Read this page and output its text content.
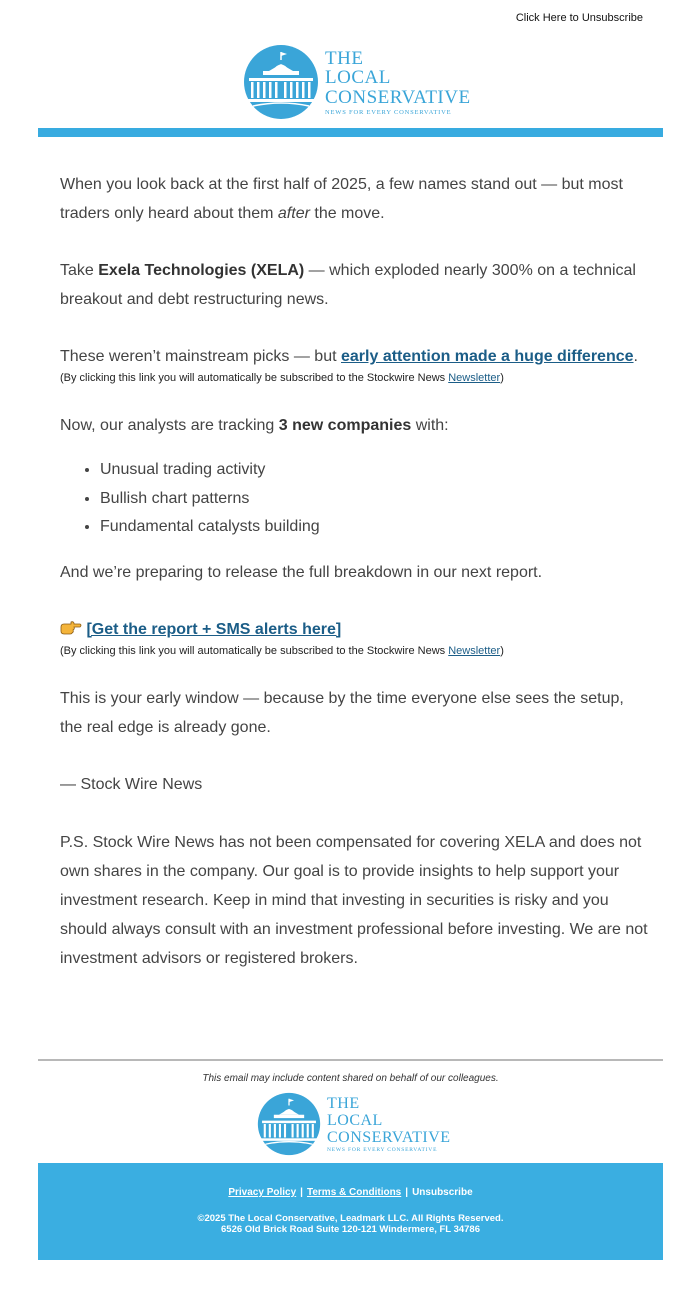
Click Here to Unsubscribe
THE
LOCAL
CONSERVATIVE
NEWS FOR EVERY CONSERVATIVE

When you look back at the first half of 2025, a few names stand out — but most traders only heard about them after the move.

Take Exela Technologies (XELA) — which exploded nearly 300% on a technical breakout and debt restructuring news.

These weren’t mainstream picks — but early attention made a huge difference.

(By clicking this link you will automatically be subscribed to the Stockwire News Newsletter)

Now, our analysts are tracking 3 new companies with:

• Unusual trading activity
• Bullish chart patterns
• Fundamental catalysts building

And we’re preparing to release the full breakdown in our next report.

[Get the report + SMS alerts here]

(By clicking this link you will automatically be subscribed to the Stockwire News Newsletter)

This is your early window — because by the time everyone else sees the setup, the real edge is already gone.

— Stock Wire News

P.S. Stock Wire News has not been compensated for covering XELA and does not own shares in the company. Our goal is to provide insights to help support your investment research. Keep in mind that investing in securities is risky and you should always consult with an investment professional before investing. We are not investment advisors or registered brokers.

This email may include content shared on behalf of our colleagues.
THE
LOCAL
CONSERVATIVE
NEWS FOR EVERY CONSERVATIVE
Privacy Policy | Terms & Conditions | Unsubscribe
©2025 The Local Conservative, Leadmark LLC. All Rights Reserved.
6526 Old Brick Road Suite 120-121 Windermere, FL 34786
